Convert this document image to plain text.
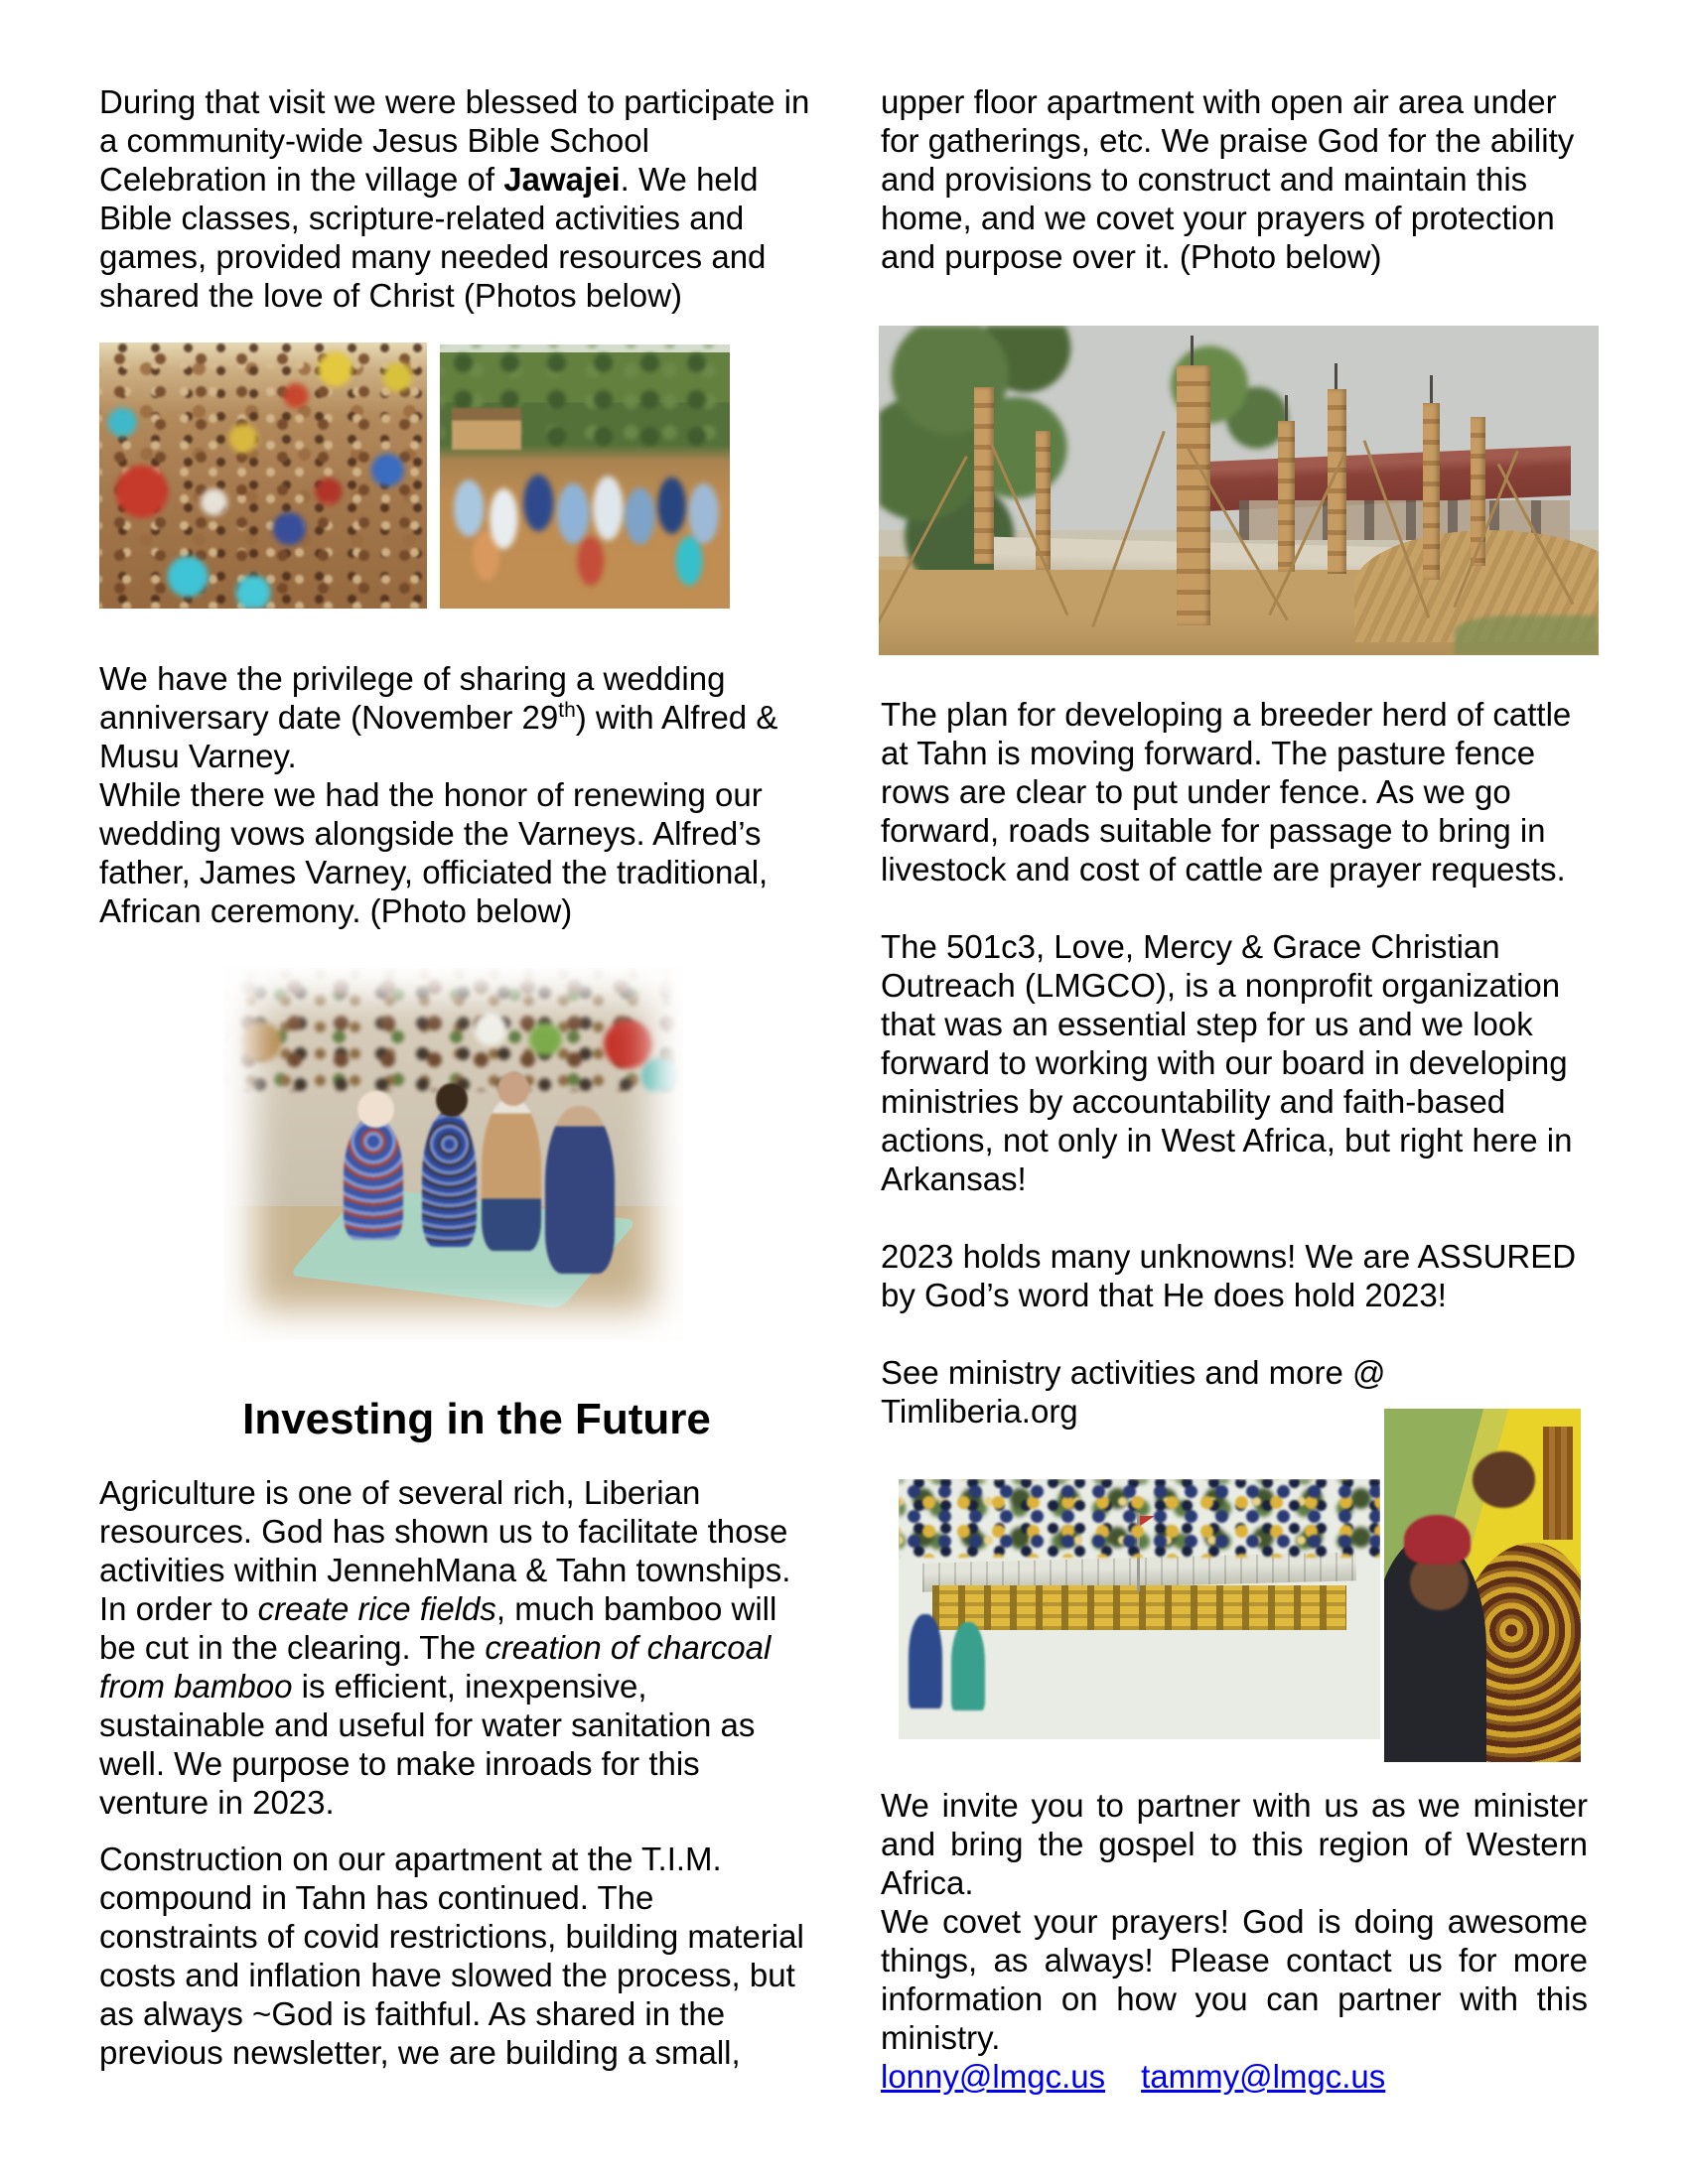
During that visit we were blessed to participate in
a community-wide Jesus Bible School
Celebration in the village of Jawajei. We held
Bible classes, scripture-related activities and
games, provided many needed resources and
shared the love of Christ (Photos below)
We have the privilege of sharing a wedding
anniversary date (November 29th) with Alfred &
Musu Varney.
While there we had the honor of renewing our
wedding vows alongside the Varneys. Alfred’s
father, James Varney, officiated the traditional,
African ceremony. (Photo below)
Investing in the Future
Agriculture is one of several rich, Liberian
resources. God has shown us to facilitate those
activities within JennehMana & Tahn townships.
In order to create rice fields, much bamboo will
be cut in the clearing. The creation of charcoal
from bamboo is efficient, inexpensive,
sustainable and useful for water sanitation as
well. We purpose to make inroads for this
venture in 2023.
Construction on our apartment at the T.I.M.
compound in Tahn has continued. The
constraints of covid restrictions, building material
costs and inflation have slowed the process, but
as always ~God is faithful. As shared in the
previous newsletter, we are building a small,
upper floor apartment with open air area under
for gatherings, etc. We praise God for the ability
and provisions to construct and maintain this
home, and we covet your prayers of protection
and purpose over it. (Photo below)
The plan for developing a breeder herd of cattle
at Tahn is moving forward. The pasture fence
rows are clear to put under fence. As we go
forward, roads suitable for passage to bring in
livestock and cost of cattle are prayer requests.
The 501c3, Love, Mercy & Grace Christian
Outreach (LMGCO), is a nonprofit organization
that was an essential step for us and we look
forward to working with our board in developing
ministries by accountability and faith-based
actions, not only in West Africa, but right here in
Arkansas!
2023 holds many unknowns! We are ASSURED
by God’s word that He does hold 2023!
See ministry activities and more @
Timliberia.org

We invite you to partner with us as we minister and bring the gospel to this region of Western Africa.

We covet your prayers! God is doing awesome things, as always! Please contact us for more information on how you can partner with this ministry.

lonny@lmgc.us tammy@lmgc.us
